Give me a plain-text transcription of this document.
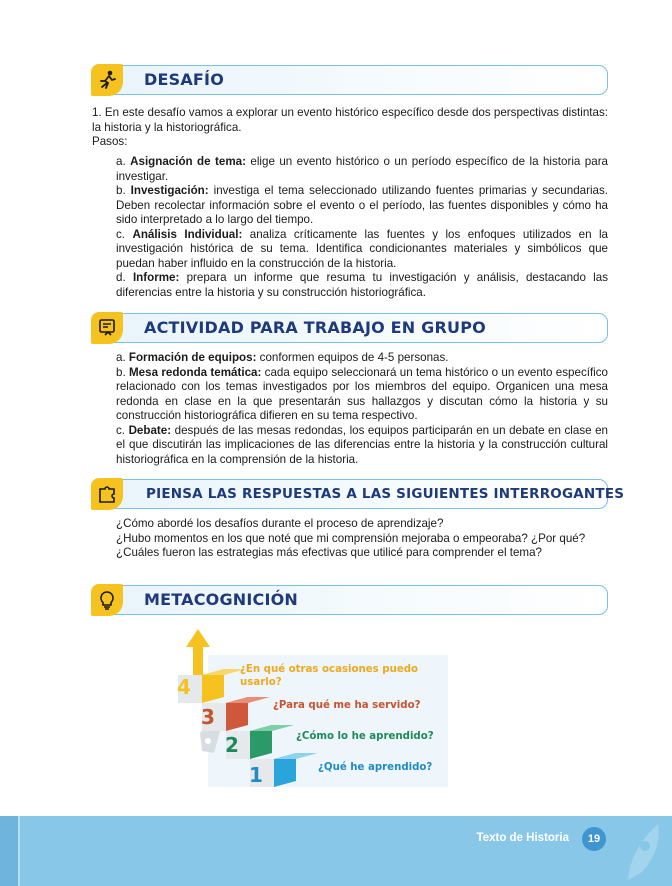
DESAFÍO

1. En este desafío vamos a explorar un evento histórico específico desde dos perspectivas distintas: la historia y la historiográfica.

Pasos:

a. Asignación de tema: elige un evento histórico o un período específico de la historia para investigar.

b. Investigación: investiga el tema seleccionado utilizando fuentes primarias y secundarias. Deben recolectar información sobre el evento o el período, las fuentes disponibles y cómo ha sido interpretado a lo largo del tiempo.

c. Análisis Individual: analiza críticamente las fuentes y los enfoques utilizados en la investigación histórica de su tema. Identifica condicionantes materiales y simbólicos que puedan haber influido en la construcción de la historia.

d. Informe: prepara un informe que resuma tu investigación y análisis, destacando las diferencias entre la historia y su construcción historiográfica.

ACTIVIDAD PARA TRABAJO EN GRUPO

a. Formación de equipos: conformen equipos de 4-5 personas.

b. Mesa redonda temática: cada equipo seleccionará un tema histórico o un evento específico relacionado con los temas investigados por los miembros del equipo. Organicen una mesa redonda en clase en la que presentarán sus hallazgos y discutan cómo la historia y su construcción historiográfica difieren en su tema respectivo.

c. Debate: después de las mesas redondas, los equipos participarán en un debate en clase en el que discutirán las implicaciones de las diferencias entre la historia y la construcción cultural historiográfica en la comprensión de la historia.

PIENSA LAS RESPUESTAS A LAS SIGUIENTES INTERROGANTES

¿Cómo abordé los desafíos durante el proceso de aprendizaje?

¿Hubo momentos en los que noté que mi comprensión mejoraba o empeoraba? ¿Por qué?

¿Cuáles fueron las estrategias más efectivas que utilicé para comprender el tema?

METACOGNICIÓN
4
3
2
1
¿En qué otras ocasiones puedo usarlo?
¿Para qué me ha servido?
¿Cómo lo he aprendido?
¿Qué he aprendido?
Texto de Historia	19
